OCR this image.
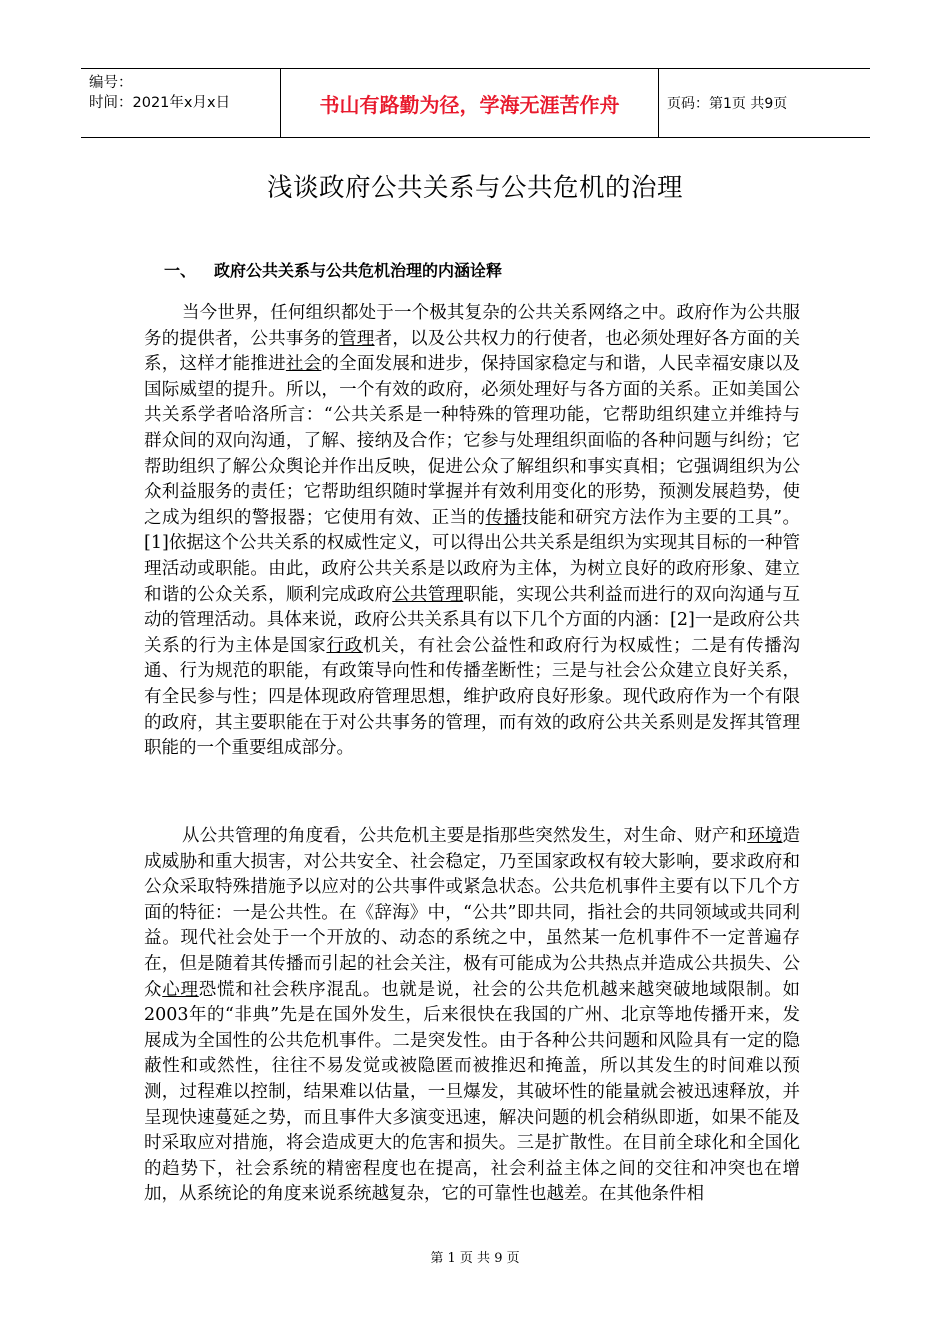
编号：
时间：2021年x月x日	书山有路勤为径，学海无涯苦作舟	页码：第1页 共9页
浅谈政府公共关系与公共危机的治理
一、 政府公共关系与公共危机治理的内涵诠释

当今世界，任何组织都处于一个极其复杂的公共关系网络之中。政府作为公共服务的提供者，公共事务的管理者，以及公共权力的行使者，也必须处理好各方面的关系，这样才能推进社会的全面发展和进步，保持国家稳定与和谐，人民幸福安康以及国际威望的提升。所以，一个有效的政府，必须处理好与各方面的关系。正如美国公共关系学者哈洛所言：“公共关系是一种特殊的管理功能，它帮助组织建立并维持与群众间的双向沟通，了解、接纳及合作；它参与处理组织面临的各种问题与纠纷；它帮助组织了解公众舆论并作出反映，促进公众了解组织和事实真相；它强调组织为公众利益服务的责任；它帮助组织随时掌握并有效利用变化的形势，预测发展趋势，使之成为组织的警报器；它使用有效、正当的传播技能和研究方法作为主要的工具”。[1]依据这个公共关系的权威性定义，可以得出公共关系是组织为实现其目标的一种管理活动或职能。由此，政府公共关系是以政府为主体，为树立良好的政府形象、建立和谐的公众关系，顺利完成政府公共管理职能，实现公共利益而进行的双向沟通与互动的管理活动。具体来说，政府公共关系具有以下几个方面的内涵：[2]一是政府公共关系的行为主体是国家行政机关，有社会公益性和政府行为权威性；二是有传播沟通、行为规范的职能，有政策导向性和传播垄断性；三是与社会公众建立良好关系，有全民参与性；四是体现政府管理思想，维护政府良好形象。现代政府作为一个有限的政府，其主要职能在于对公共事务的管理，而有效的政府公共关系则是发挥其管理职能的一个重要组成部分。

从公共管理的角度看，公共危机主要是指那些突然发生，对生命、财产和环境造成威胁和重大损害，对公共安全、社会稳定，乃至国家政权有较大影响，要求政府和公众采取特殊措施予以应对的公共事件或紧急状态。公共危机事件主要有以下几个方面的特征：一是公共性。在《辞海》中，“公共”即共同，指社会的共同领域或共同利益。现代社会处于一个开放的、动态的系统之中，虽然某一危机事件不一定普遍存在，但是随着其传播而引起的社会关注，极有可能成为公共热点并造成公共损失、公众心理恐慌和社会秩序混乱。也就是说，社会的公共危机越来越突破地域限制。如2003年的“非典”先是在国外发生，后来很快在我国的广州、北京等地传播开来，发展成为全国性的公共危机事件。二是突发性。由于各种公共问题和风险具有一定的隐蔽性和或然性，往往不易发觉或被隐匿而被推迟和掩盖，所以其发生的时间难以预测，过程难以控制，结果难以估量，一旦爆发，其破坏性的能量就会被迅速释放，并呈现快速蔓延之势，而且事件大多演变迅速，解决问题的机会稍纵即逝，如果不能及时采取应对措施，将会造成更大的危害和损失。三是扩散性。在目前全球化和全国化的趋势下，社会系统的精密程度也在提高，社会利益主体之间的交往和冲突也在增加，从系统论的角度来说系统越复杂，它的可靠性也越差。在其他条件相

第 1 页 共 9 页
